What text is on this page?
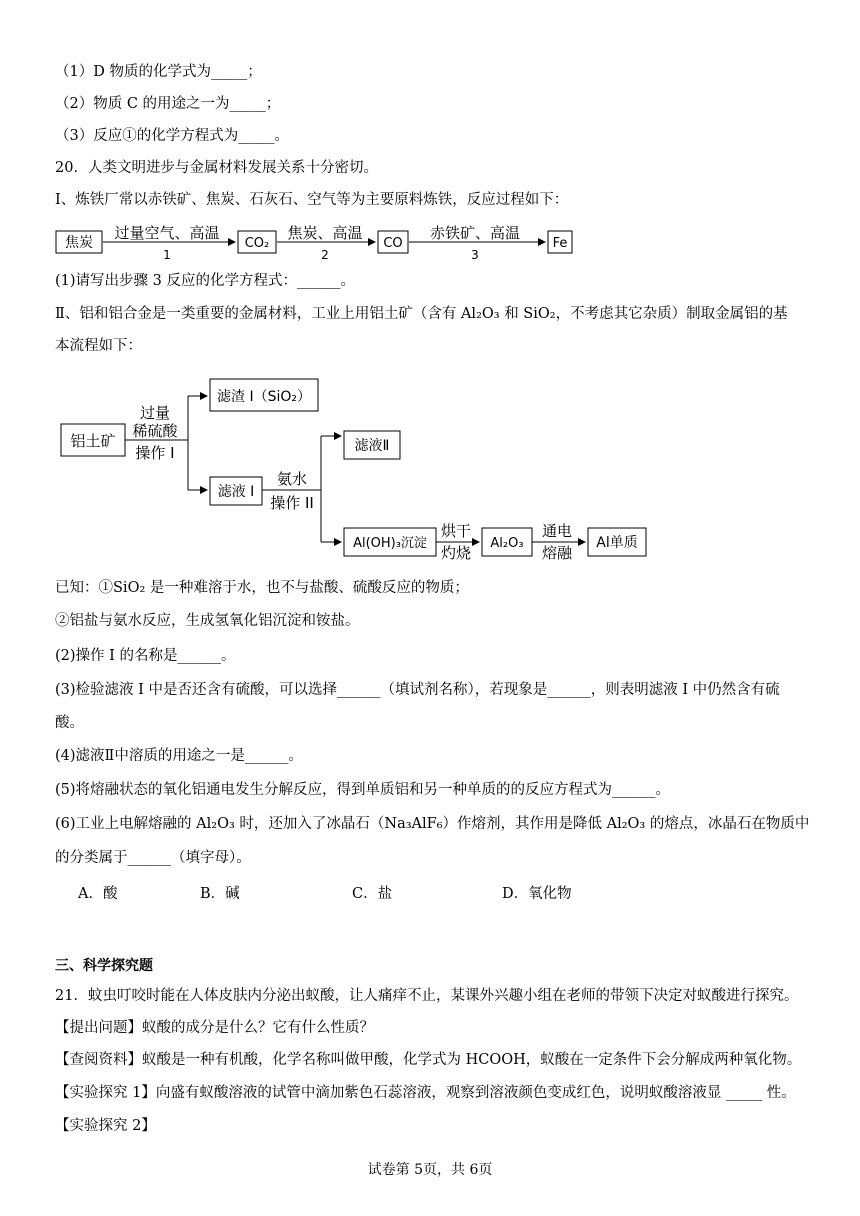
（1）D 物质的化学式为_____；
（2）物质 C 的用途之一为_____；
（3）反应①的化学方程式为_____。
20．人类文明进步与金属材料发展关系十分密切。
I、炼铁厂常以赤铁矿、焦炭、石灰石、空气等为主要原料炼铁，反应过程如下：
焦炭
过量空气、高温
1
CO₂
焦炭、高温
2
CO
赤铁矿、高温
3
Fe
(1)请写出步骤 3 反应的化学方程式：______。
Ⅱ、铝和铝合金是一类重要的金属材料，工业上用铝土矿（含有 Al₂O₃ 和 SiO₂，不考虑其它杂质）制取金属铝的基
本流程如下：
铝土矿
过量
稀硫酸
操作 I
滤渣 I（SiO₂）
滤液 I
氨水
操作 II
滤液Ⅱ
Al(OH)₃沉淀
烘干
灼烧
Al₂O₃
通电
熔融
Al单质
已知：①SiO₂ 是一种难溶于水，也不与盐酸、硫酸反应的物质；
②铝盐与氨水反应，生成氢氧化铝沉淀和铵盐。
(2)操作 I 的名称是______。
(3)检验滤液 I 中是否还含有硫酸，可以选择______（填试剂名称），若现象是______，则表明滤液 I 中仍然含有硫
酸。
(4)滤液Ⅱ中溶质的用途之一是______。
(5)将熔融状态的氧化铝通电发生分解反应，得到单质铝和另一种单质的的反应方程式为______。
(6)工业上电解熔融的 Al₂O₃ 时，还加入了冰晶石（Na₃AlF₆）作熔剂，其作用是降低 Al₂O₃ 的熔点，冰晶石在物质中
的分类属于______（填字母）。
A．酸	B．碱	C．盐	D．氧化物
三、科学探究题
21．蚊虫叮咬时能在人体皮肤内分泌出蚁酸，让人痛痒不止，某课外兴趣小组在老师的带领下决定对蚁酸进行探究。
【提出问题】蚁酸的成分是什么？它有什么性质？
【查阅资料】蚁酸是一种有机酸，化学名称叫做甲酸，化学式为 HCOOH，蚁酸在一定条件下会分解成两种氧化物。
【实验探究 1】向盛有蚁酸溶液的试管中滴加紫色石蕊溶液，观察到溶液颜色变成红色，说明蚁酸溶液显 _____ 性。
【实验探究 2】
试卷第 5页，共 6页
